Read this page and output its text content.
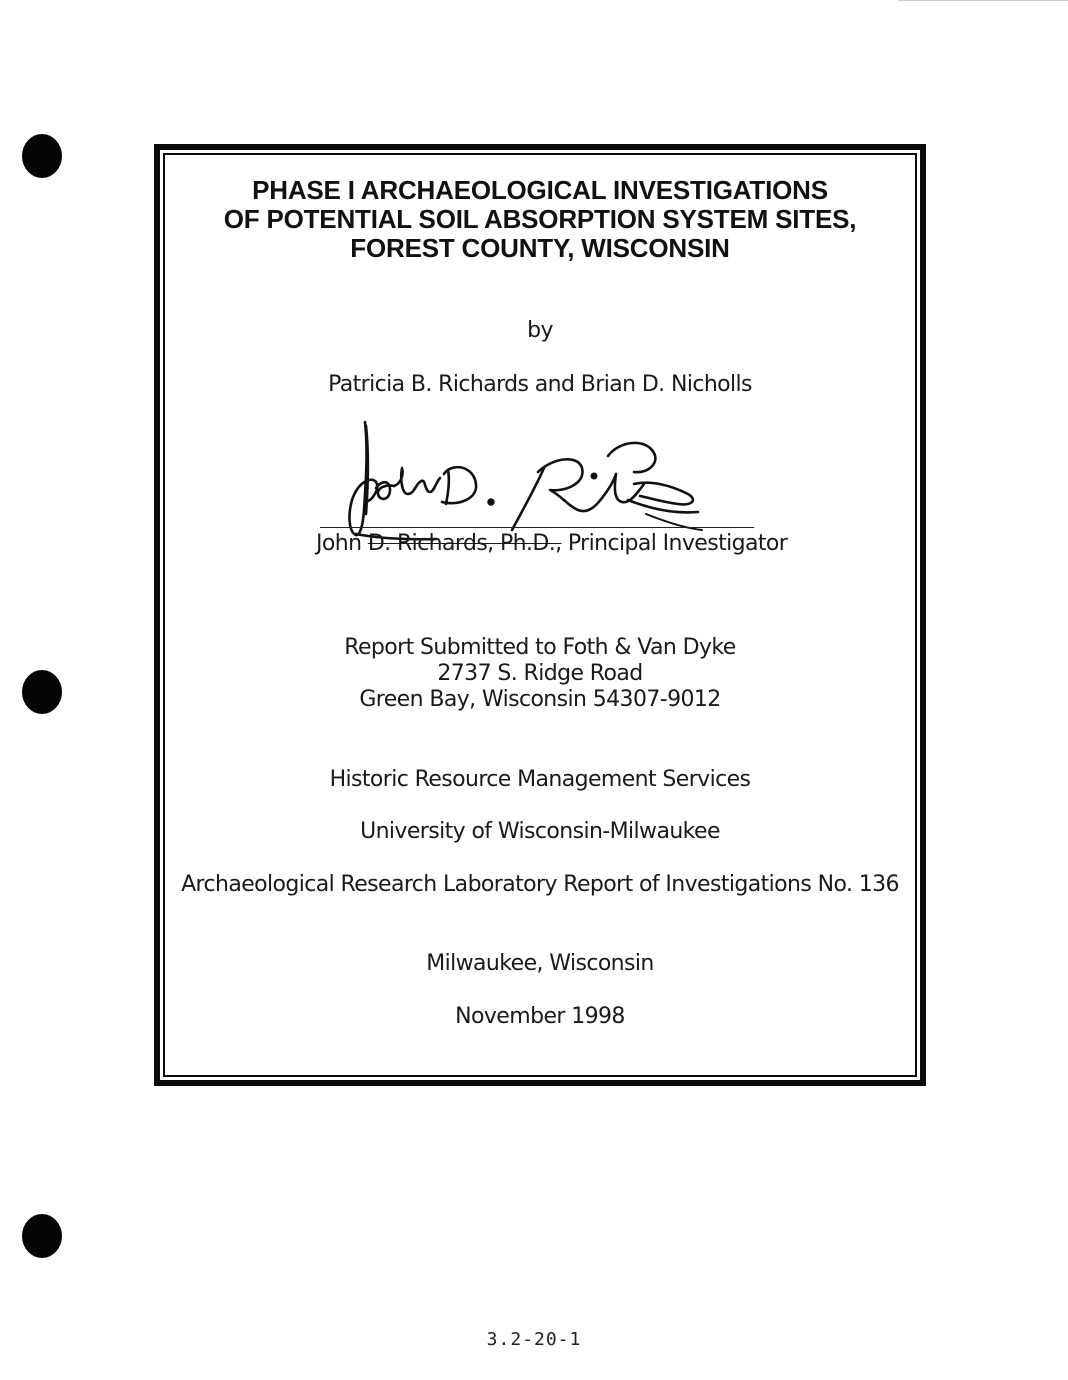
PHASE I ARCHAEOLOGICAL INVESTIGATIONS
OF POTENTIAL SOIL ABSORPTION SYSTEM SITES,
FOREST COUNTY, WISCONSIN
by
Patricia B. Richards and Brian D. Nicholls
John D. Richards, Ph.D., Principal Investigator
Report Submitted to Foth & Van Dyke
2737 S. Ridge Road
Green Bay, Wisconsin 54307-9012
Historic Resource Management Services
University of Wisconsin-Milwaukee
Archaeological Research Laboratory Report of Investigations No. 136
Milwaukee, Wisconsin
November 1998
3.2-20-1
